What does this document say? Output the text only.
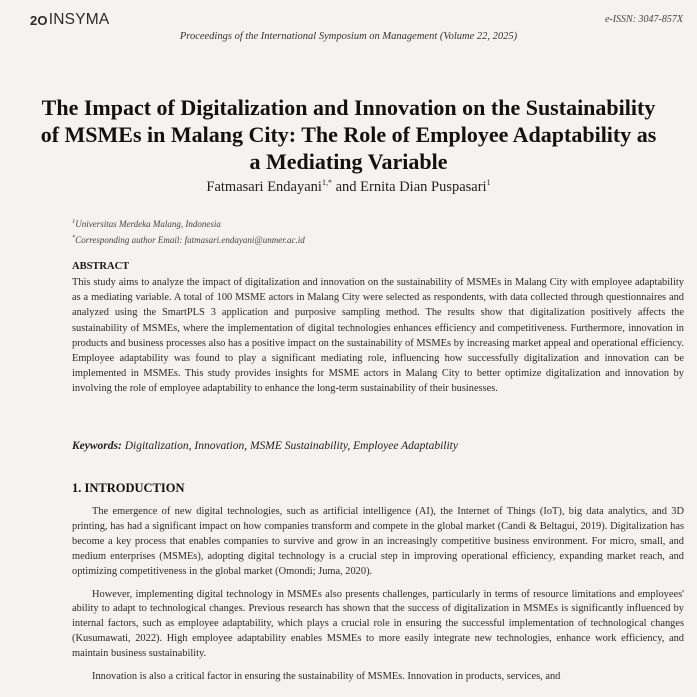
2O INSYMA	e-ISSN: 3047-857X
Proceedings of the International Symposium on Management (Volume 22, 2025)
The Impact of Digitalization and Innovation on the Sustainability of MSMEs in Malang City: The Role of Employee Adaptability as a Mediating Variable
Fatmasari Endayani$^{1,*}$ and Ernita Dian Puspasari$^1$
$^1$Universitas Merdeka Malang, Indonesia
*Corresponding author Email: fatmasari.endayani@unmer.ac.id
ABSTRACT
This study aims to analyze the impact of digitalization and innovation on the sustainability of MSMEs in Malang City with employee adaptability as a mediating variable. A total of 100 MSME actors in Malang City were selected as respondents, with data collected through questionnaires and analyzed using the SmartPLS 3 application and purposive sampling method. The results show that digitalization positively affects the sustainability of MSMEs, where the implementation of digital technologies enhances efficiency and competitiveness. Furthermore, innovation in products and business processes also has a positive impact on the sustainability of MSMEs by increasing market appeal and operational efficiency. Employee adaptability was found to play a significant mediating role, influencing how successfully digitalization and innovation can be implemented in MSMEs. This study provides insights for MSME actors in Malang City to better optimize digitalization and innovation by involving the role of employee adaptability to enhance the long-term sustainability of their businesses.
Keywords: Digitalization, Innovation, MSME Sustainability, Employee Adaptability
1. INTRODUCTION

The emergence of new digital technologies, such as artificial intelligence (AI), the Internet of Things (IoT), big data analytics, and 3D printing, has had a significant impact on how companies transform and compete in the global market (Candi & Beltagui, 2019). Digitalization has become a key process that enables companies to survive and grow in an increasingly competitive business environment. For micro, small, and medium enterprises (MSMEs), adopting digital technology is a crucial step in improving operational efficiency, expanding market reach, and optimizing competitiveness in the global market (Omondi; Juma, 2020).

However, implementing digital technology in MSMEs also presents challenges, particularly in terms of resource limitations and employees' ability to adapt to technological changes. Previous research has shown that the success of digitalization in MSMEs is significantly influenced by internal factors, such as employee adaptability, which plays a crucial role in ensuring the successful implementation of technological changes (Kusumawati, 2022). High employee adaptability enables MSMEs to more easily integrate new technologies, enhance work efficiency, and maintain business sustainability.

Innovation is also a critical factor in ensuring the sustainability of MSMEs. Innovation in products, services, and
